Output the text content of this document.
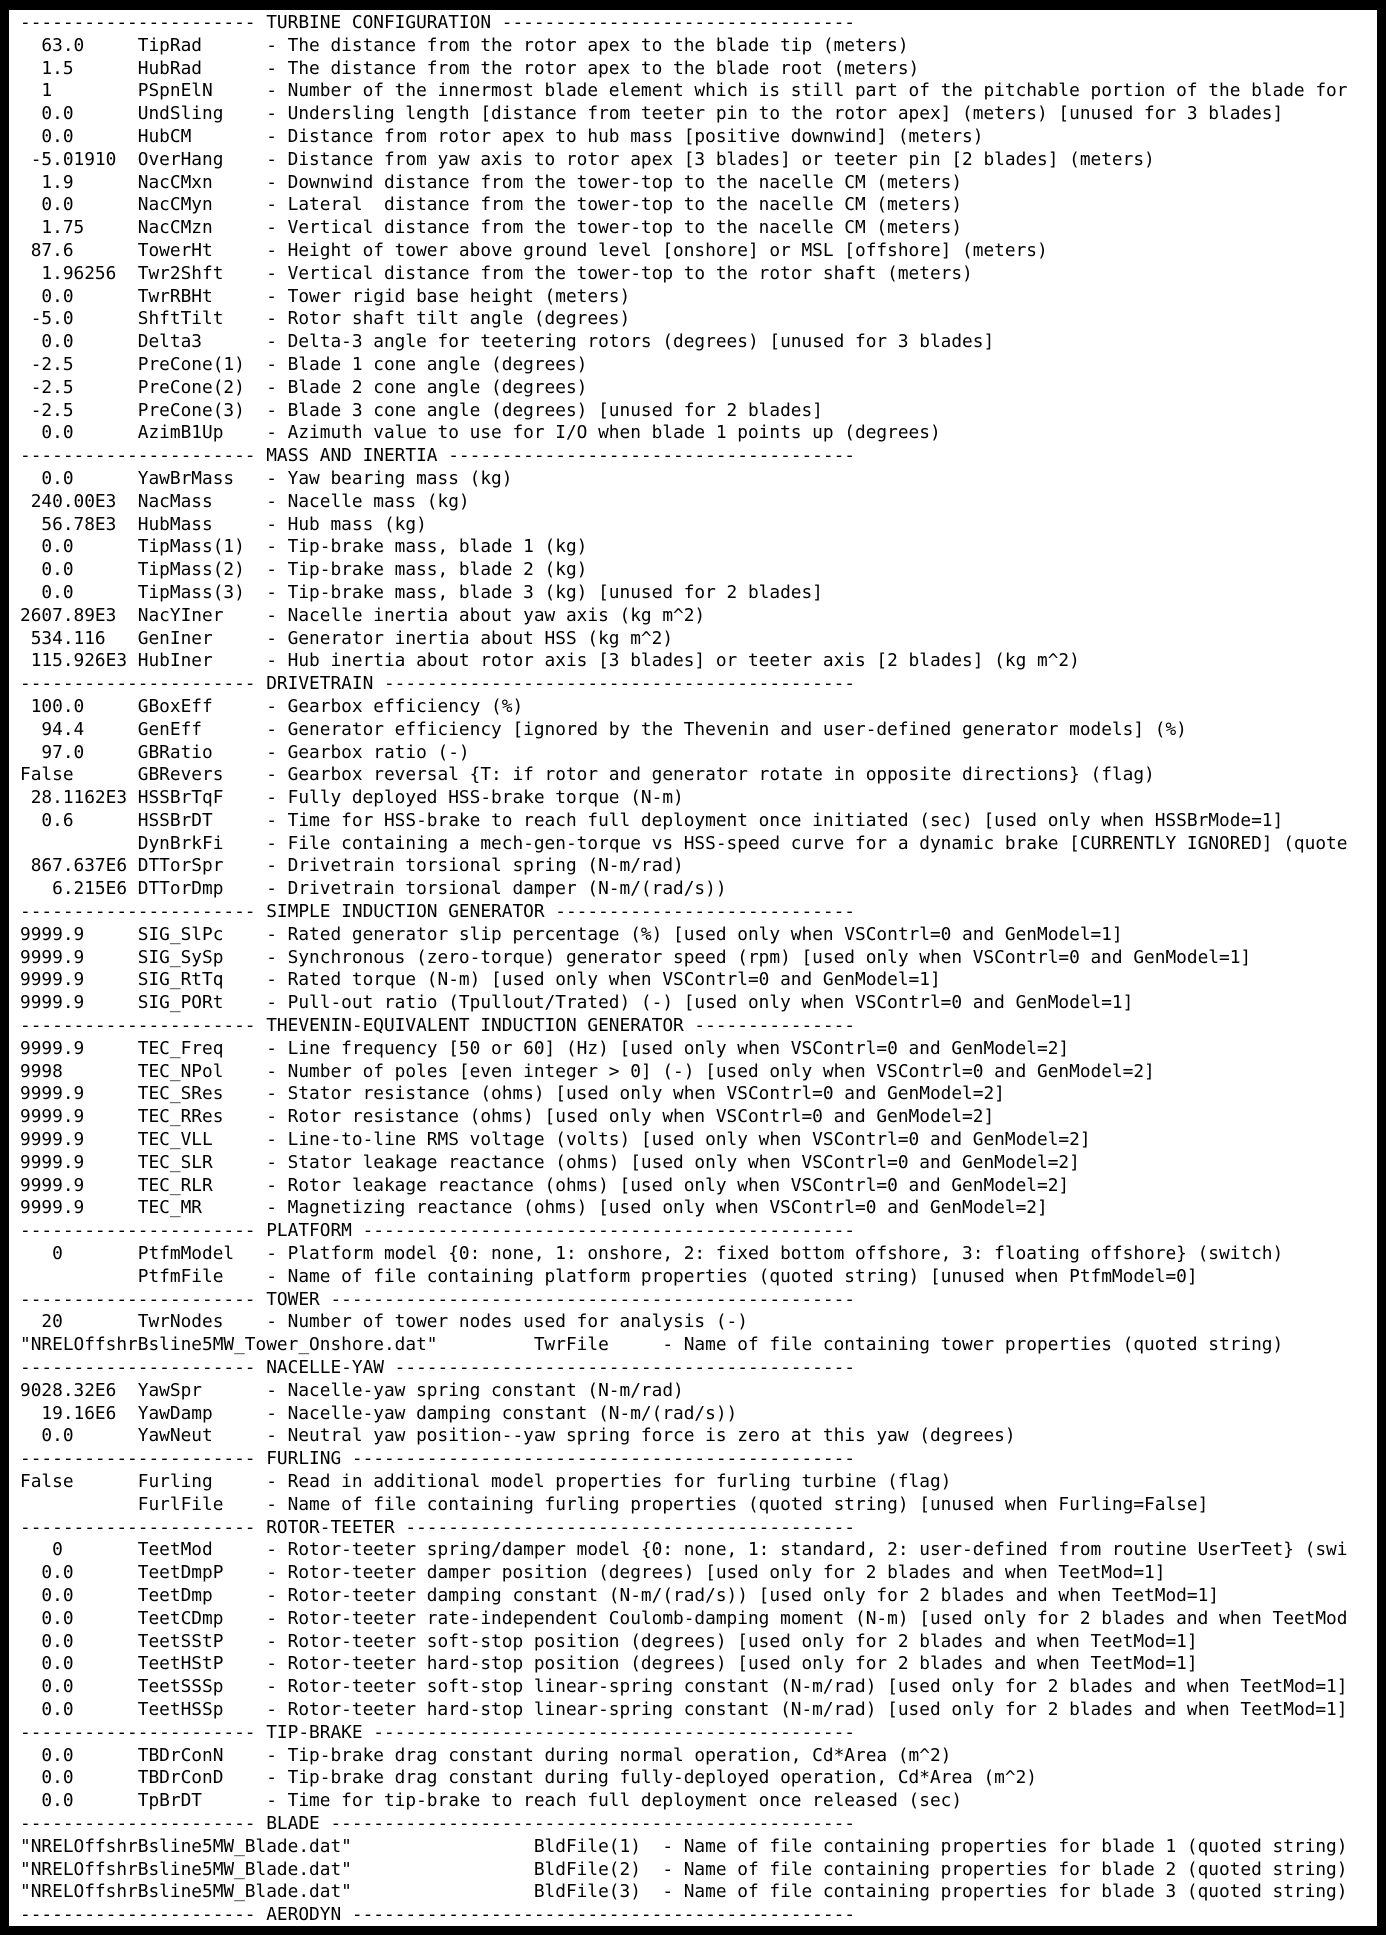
---------------------- TURBINE CONFIGURATION ---------------------------------
63.0     TipRad      - The distance from the rotor apex to the blade tip (meters)
1.5      HubRad      - The distance from the rotor apex to the blade root (meters)
1        PSpnElN     - Number of the innermost blade element which is still part of the pitchable portion of the blade for
0.0      UndSling    - Undersling length [distance from teeter pin to the rotor apex] (meters) [unused for 3 blades]
0.0      HubCM       - Distance from rotor apex to hub mass [positive downwind] (meters)
-5.01910  OverHang    - Distance from yaw axis to rotor apex [3 blades] or teeter pin [2 blades] (meters)
1.9      NacCMxn     - Downwind distance from the tower-top to the nacelle CM (meters)
0.0      NacCMyn     - Lateral  distance from the tower-top to the nacelle CM (meters)
1.75     NacCMzn     - Vertical distance from the tower-top to the nacelle CM (meters)
87.6      TowerHt     - Height of tower above ground level [onshore] or MSL [offshore] (meters)
1.96256  Twr2Shft    - Vertical distance from the tower-top to the rotor shaft (meters)
0.0      TwrRBHt     - Tower rigid base height (meters)
-5.0      ShftTilt    - Rotor shaft tilt angle (degrees)
0.0      Delta3      - Delta-3 angle for teetering rotors (degrees) [unused for 3 blades]
-2.5      PreCone(1)  - Blade 1 cone angle (degrees)
-2.5      PreCone(2)  - Blade 2 cone angle (degrees)
-2.5      PreCone(3)  - Blade 3 cone angle (degrees) [unused for 2 blades]
0.0      AzimB1Up    - Azimuth value to use for I/O when blade 1 points up (degrees)
---------------------- MASS AND INERTIA --------------------------------------
0.0      YawBrMass   - Yaw bearing mass (kg)
240.00E3  NacMass     - Nacelle mass (kg)
56.78E3  HubMass     - Hub mass (kg)
0.0      TipMass(1)  - Tip-brake mass, blade 1 (kg)
0.0      TipMass(2)  - Tip-brake mass, blade 2 (kg)
0.0      TipMass(3)  - Tip-brake mass, blade 3 (kg) [unused for 2 blades]
2607.89E3  NacYIner    - Nacelle inertia about yaw axis (kg m^2)
534.116   GenIner     - Generator inertia about HSS (kg m^2)
115.926E3 HubIner     - Hub inertia about rotor axis [3 blades] or teeter axis [2 blades] (kg m^2)
---------------------- DRIVETRAIN --------------------------------------------
100.0     GBoxEff     - Gearbox efficiency (%)
94.4     GenEff      - Generator efficiency [ignored by the Thevenin and user-defined generator models] (%)
97.0     GBRatio     - Gearbox ratio (-)
False      GBRevers    - Gearbox reversal {T: if rotor and generator rotate in opposite directions} (flag)
28.1162E3 HSSBrTqF    - Fully deployed HSS-brake torque (N-m)
0.6      HSSBrDT     - Time for HSS-brake to reach full deployment once initiated (sec) [used only when HSSBrMode=1]
DynBrkFi    - File containing a mech-gen-torque vs HSS-speed curve for a dynamic brake [CURRENTLY IGNORED] (quote
867.637E6 DTTorSpr    - Drivetrain torsional spring (N-m/rad)
6.215E6 DTTorDmp    - Drivetrain torsional damper (N-m/(rad/s))
---------------------- SIMPLE INDUCTION GENERATOR ----------------------------
9999.9     SIG_SlPc    - Rated generator slip percentage (%) [used only when VSContrl=0 and GenModel=1]
9999.9     SIG_SySp    - Synchronous (zero-torque) generator speed (rpm) [used only when VSContrl=0 and GenModel=1]
9999.9     SIG_RtTq    - Rated torque (N-m) [used only when VSContrl=0 and GenModel=1]
9999.9     SIG_PORt    - Pull-out ratio (Tpullout/Trated) (-) [used only when VSContrl=0 and GenModel=1]
---------------------- THEVENIN-EQUIVALENT INDUCTION GENERATOR ---------------
9999.9     TEC_Freq    - Line frequency [50 or 60] (Hz) [used only when VSContrl=0 and GenModel=2]
9998       TEC_NPol    - Number of poles [even integer > 0] (-) [used only when VSContrl=0 and GenModel=2]
9999.9     TEC_SRes    - Stator resistance (ohms) [used only when VSContrl=0 and GenModel=2]
9999.9     TEC_RRes    - Rotor resistance (ohms) [used only when VSContrl=0 and GenModel=2]
9999.9     TEC_VLL     - Line-to-line RMS voltage (volts) [used only when VSContrl=0 and GenModel=2]
9999.9     TEC_SLR     - Stator leakage reactance (ohms) [used only when VSContrl=0 and GenModel=2]
9999.9     TEC_RLR     - Rotor leakage reactance (ohms) [used only when VSContrl=0 and GenModel=2]
9999.9     TEC_MR      - Magnetizing reactance (ohms) [used only when VSContrl=0 and GenModel=2]
---------------------- PLATFORM ----------------------------------------------
0       PtfmModel   - Platform model {0: none, 1: onshore, 2: fixed bottom offshore, 3: floating offshore} (switch)
PtfmFile    - Name of file containing platform properties (quoted string) [unused when PtfmModel=0]
---------------------- TOWER -------------------------------------------------
20       TwrNodes    - Number of tower nodes used for analysis (-)
"NRELOffshrBsline5MW_Tower_Onshore.dat"         TwrFile     - Name of file containing tower properties (quoted string)
---------------------- NACELLE-YAW -------------------------------------------
9028.32E6  YawSpr      - Nacelle-yaw spring constant (N-m/rad)
19.16E6  YawDamp     - Nacelle-yaw damping constant (N-m/(rad/s))
0.0      YawNeut     - Neutral yaw position--yaw spring force is zero at this yaw (degrees)
---------------------- FURLING -----------------------------------------------
False      Furling     - Read in additional model properties for furling turbine (flag)
FurlFile    - Name of file containing furling properties (quoted string) [unused when Furling=False]
---------------------- ROTOR-TEETER ------------------------------------------
0       TeetMod     - Rotor-teeter spring/damper model {0: none, 1: standard, 2: user-defined from routine UserTeet} (swi
0.0      TeetDmpP    - Rotor-teeter damper position (degrees) [used only for 2 blades and when TeetMod=1]
0.0      TeetDmp     - Rotor-teeter damping constant (N-m/(rad/s)) [used only for 2 blades and when TeetMod=1]
0.0      TeetCDmp    - Rotor-teeter rate-independent Coulomb-damping moment (N-m) [used only for 2 blades and when TeetMod
0.0      TeetSStP    - Rotor-teeter soft-stop position (degrees) [used only for 2 blades and when TeetMod=1]
0.0      TeetHStP    - Rotor-teeter hard-stop position (degrees) [used only for 2 blades and when TeetMod=1]
0.0      TeetSSSp    - Rotor-teeter soft-stop linear-spring constant (N-m/rad) [used only for 2 blades and when TeetMod=1]
0.0      TeetHSSp    - Rotor-teeter hard-stop linear-spring constant (N-m/rad) [used only for 2 blades and when TeetMod=1]
---------------------- TIP-BRAKE ---------------------------------------------
0.0      TBDrConN    - Tip-brake drag constant during normal operation, Cd*Area (m^2)
0.0      TBDrConD    - Tip-brake drag constant during fully-deployed operation, Cd*Area (m^2)
0.0      TpBrDT      - Time for tip-brake to reach full deployment once released (sec)
---------------------- BLADE -------------------------------------------------
"NRELOffshrBsline5MW_Blade.dat"                 BldFile(1)  - Name of file containing properties for blade 1 (quoted string)
"NRELOffshrBsline5MW_Blade.dat"                 BldFile(2)  - Name of file containing properties for blade 2 (quoted string)
"NRELOffshrBsline5MW_Blade.dat"                 BldFile(3)  - Name of file containing properties for blade 3 (quoted string)
---------------------- AERODYN -----------------------------------------------
